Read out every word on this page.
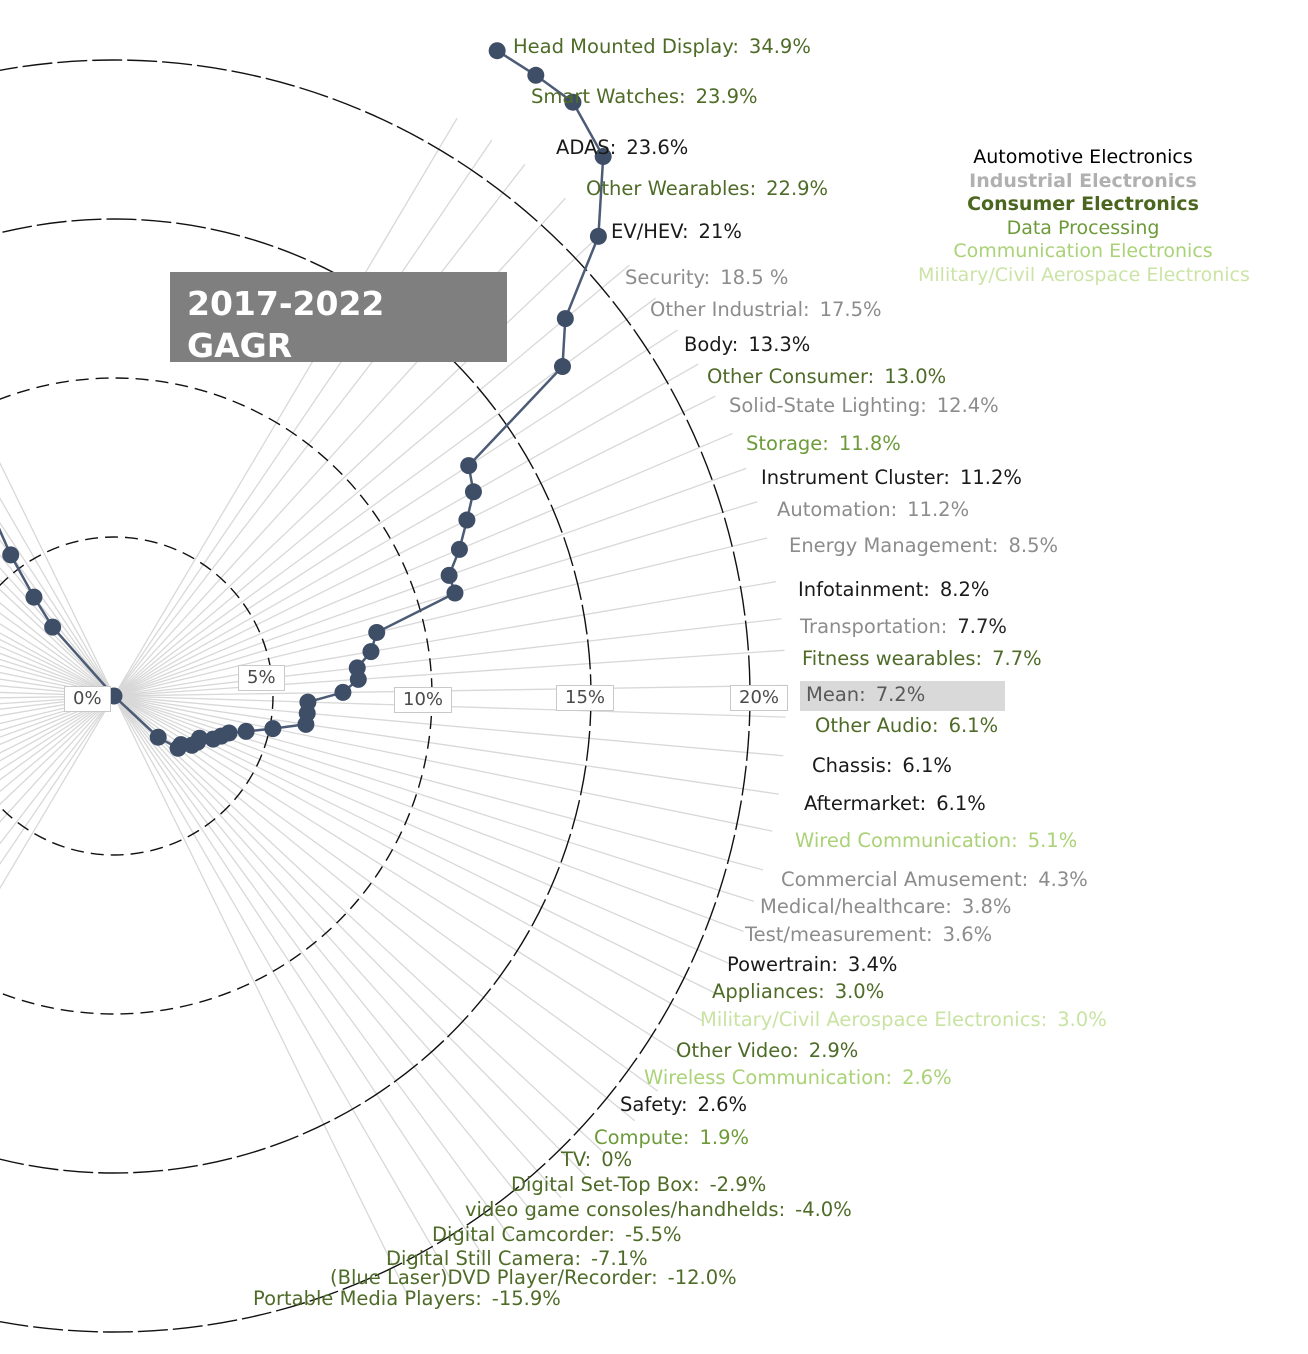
2017-2022
GAGR
Automotive Electronics
Industrial Electronics
Consumer Electronics
Data Processing
Communication Electronics
Military/Civil Aerospace Electronics
0%
5%
10%	15%	20%
Head Mounted Display: 34.9%
Smart Watches: 23.9%
ADAS: 23.6%
Other Wearables: 22.9%
EV/HEV: 21%
Security: 18.5 %
Other Industrial: 17.5%
Body: 13.3%
Other Consumer: 13.0%
Solid-State Lighting: 12.4%
Storage: 11.8%
Instrument Cluster: 11.2%
Automation: 11.2%
Energy Management: 8.5%
Infotainment: 8.2%
Transportation: 7.7%
Fitness wearables: 7.7%
Mean: 7.2%
Other Audio: 6.1%
Chassis: 6.1%
Aftermarket: 6.1%
Wired Communication: 5.1%
Commercial Amusement: 4.3%
Medical/healthcare: 3.8%
Test/measurement: 3.6%
Powertrain: 3.4%
Appliances: 3.0%
Military/Civil Aerospace Electronics: 3.0%
Other Video: 2.9%
Wireless Communication: 2.6%
Safety: 2.6%
Compute: 1.9%
TV: 0%
Digital Set-Top Box: -2.9%
video game consoles/handhelds: -4.0%
Digital Camcorder: -5.5%
Digital Still Camera: -7.1%
(Blue Laser)DVD Player/Recorder: -12.0%
Portable Media Players: -15.9%
